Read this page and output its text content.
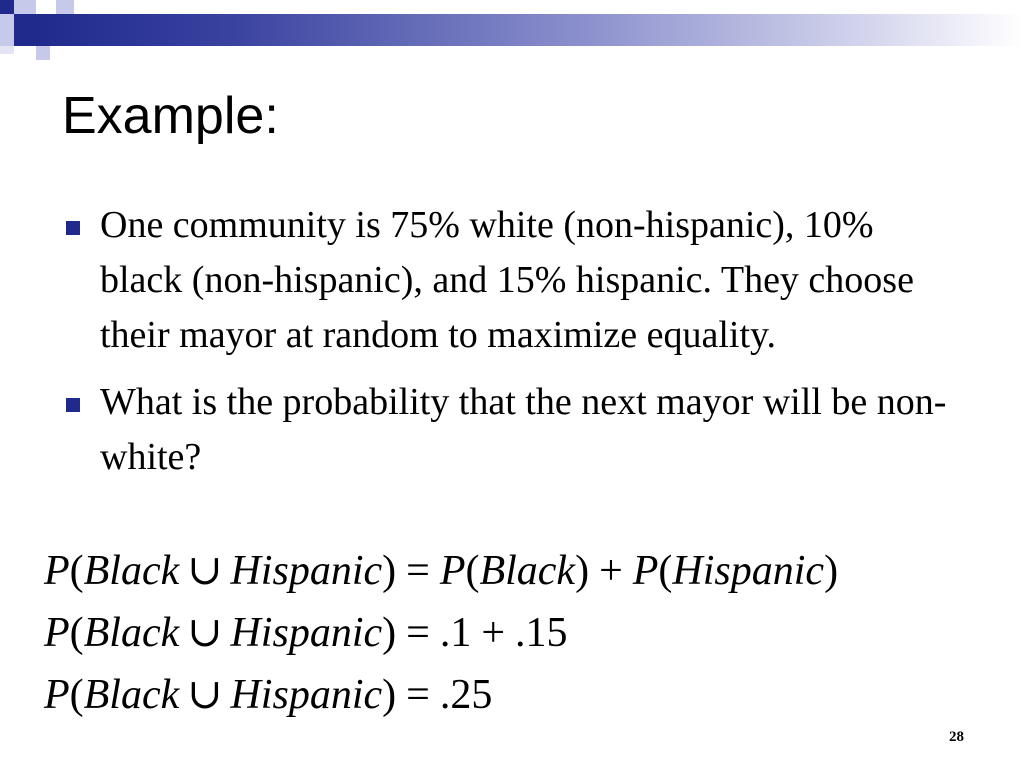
Example:
One community is 75% white (non-hispanic), 10% black (non-hispanic), and 15% hispanic. They choose their mayor at random to maximize equality.
What is the probability that the next mayor will be non-white?
P(Black ∪ Hispanic) = P(Black) + P(Hispanic)
P(Black ∪ Hispanic) = .1 + .15
P(Black ∪ Hispanic) = .25
28
